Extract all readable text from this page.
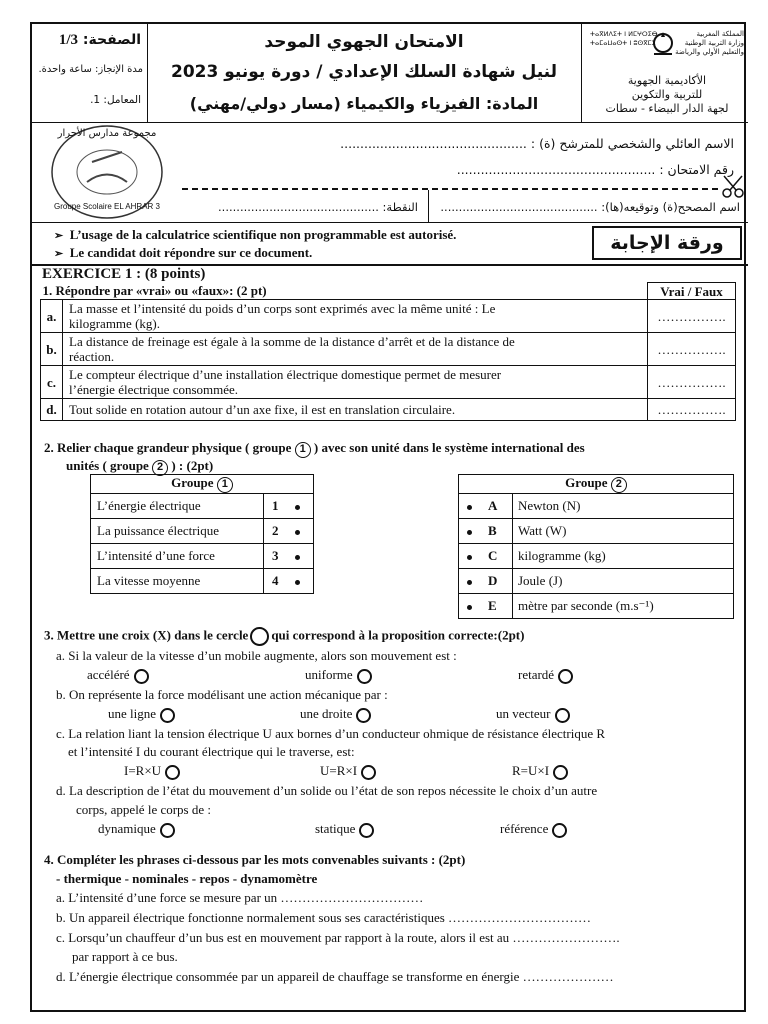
الصفحة: 1/3
مدة الإنجاز: ساعة واحدة.
المعامل: 1.
الامتحان الجهوي الموحد
لنيل شهادة السلك الإعدادي / دورة يونيو 2023
المادة: الفيزياء والكيمياء (مسار دولي/مهني)
ⵜⴰⴳⵍⴷⵉⵜ ⵏ ⵍⵎⵖⵔⵉⴱ
ⵜⴰⵎⴰⵡⴰⵙⵜ ⵏ ⵓⵙⴳⵎⵉ
المملكة المغربية
وزارة التربية الوطنية
والتعليم الأولي والرياضة
الأكاديمية الجهوية
للتربية والتكوين
لجهة الدار البيضاء - سطات
مجموعة مدارس الأحرار
Groupe Scolaire EL AHRAR 3
الاسم العائلي والشخصي للمترشح (ة) : ...............................................
رقم الامتحان : ..................................................
اسم المصحح(ة) وتوقيعه(ها): ...........................................
النقطة: ............................................
➢ L’usage de la calculatrice scientifique non programmable est autorisé.
➢ Le candidat doit répondre sur ce document.	ورقة الإجابة
EXERCICE 1 : (8 points)
1. Répondre par «vrai» ou «faux»: (2 pt)		Vrai / Faux
a.	La masse et l’intensité du poids d’un corps sont exprimés avec la même unité : Le
kilogramme (kg).	…………….
b.	La distance de freinage est égale à la somme de la distance d’arrêt et de la distance de
réaction.	…………….
c.	Le compteur électrique d’une installation électrique domestique permet de mesurer
l’énergie électrique consommée.	…………….
d.	Tout solide en rotation autour d’un axe fixe, il est en translation circulaire.	…………….
2. Relier chaque grandeur physique ( groupe 1 ) avec son unité dans le système international des
unités ( groupe 2 ) : (2pt)
Groupe 1	
L’énergie électrique	1
La puissance électrique	2
L’intensité d’une force	3
La vitesse moyenne	4
Groupe 2	
A	Newton (N)
B	Watt (W)
C	kilogramme (kg)
D	Joule (J)
E	mètre par seconde (m.s⁻¹)
3. Mettre une croix (X) dans le cercle qui correspond à la proposition correcte:(2pt)
a. Si la valeur de la vitesse d’un mobile augmente, alors son mouvement est :
accéléré	uniforme	retardé
b. On représente la force modélisant une action mécanique par :
une ligne	une droite	un vecteur
c. La relation liant la tension électrique U aux bornes d’un conducteur ohmique de résistance électrique R
et l’intensité I du courant électrique qui le traverse, est:
I=R×U	U=R×I	R=U×I
d. La description de l’état du mouvement d’un solide ou l’état de son repos nécessite le choix d’un autre
corps, appelé le corps de :
dynamique	statique	référence
4. Compléter les phrases ci-dessous par les mots convenables suivants : (2pt)
- thermique - nominales - repos - dynamomètre
a. L’intensité d’une force se mesure par un ……………………………
b. Un appareil électrique fonctionne normalement sous ses caractéristiques ……………………………
c. Lorsqu’un chauffeur d’un bus est en mouvement par rapport à la route, alors il est au …………………….
par rapport à ce bus.
d. L’énergie électrique consommée par un appareil de chauffage se transforme en énergie …………………
